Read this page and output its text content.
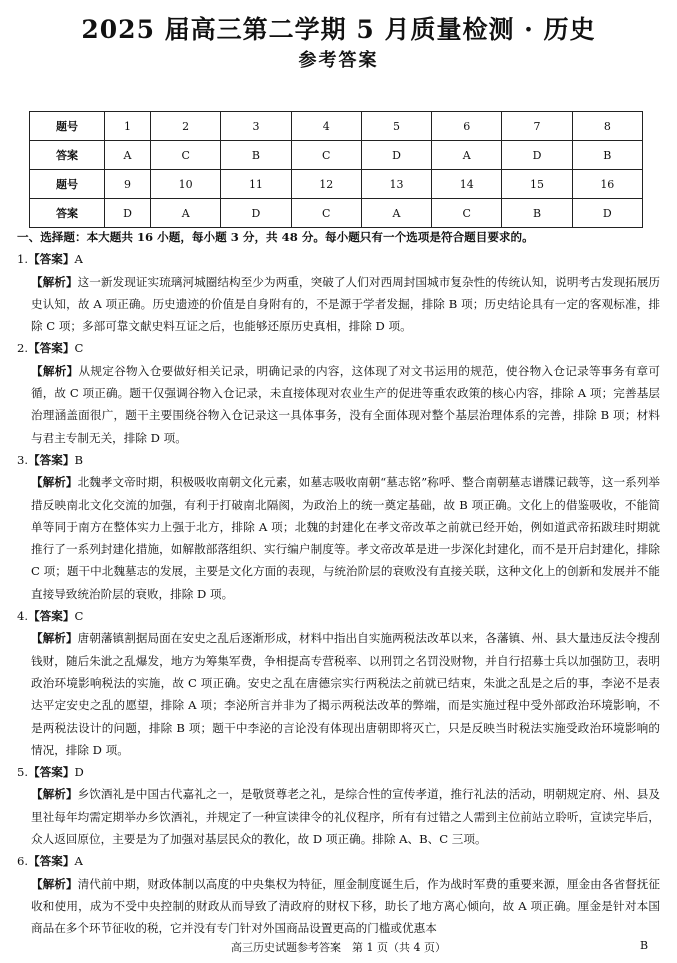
2025 届高三第二学期 5 月质量检测 · 历史
参考答案
题号	1	2	3	4	5	6	7	8
答案	A	C	B	C	D	A	D	B
题号	9	10	11	12	13	14	15	16
答案	D	A	D	C	A	C	B	D

一、选择题：本大题共 16 小题，每小题 3 分，共 48 分。每小题只有一个选项是符合题目要求的。

1.【答案】A

【解析】这一新发现证实琉璃河城圈结构至少为两重，突破了人们对西周封国城市复杂性的传统认知，说明考古发现拓展历史认知，故 A 项正确。历史遗迹的价值是自身附有的，不是源于学者发掘，排除 B 项；历史结论具有一定的客观标准，排除 C 项；多部可靠文献史料互证之后，也能够还原历史真相，排除 D 项。

2.【答案】C

【解析】从规定谷物入仓要做好相关记录，明确记录的内容，这体现了对文书运用的规范，使谷物入仓记录等事务有章可循，故 C 项正确。题干仅强调谷物入仓记录，未直接体现对农业生产的促进等重农政策的核心内容，排除 A 项；完善基层治理涵盖面很广，题干主要围绕谷物入仓记录这一具体事务，没有全面体现对整个基层治理体系的完善，排除 B 项；材料与君主专制无关，排除 D 项。

3.【答案】B

【解析】北魏孝文帝时期，积极吸收南朝文化元素，如墓志吸收南朝“墓志铭”称呼、整合南朝墓志谱牒记载等，这一系列举措反映南北文化交流的加强，有利于打破南北隔阂，为政治上的统一奠定基础，故 B 项正确。文化上的借鉴吸收，不能简单等同于南方在整体实力上强于北方，排除 A 项；北魏的封建化在孝文帝改革之前就已经开始，例如道武帝拓跋珪时期就推行了一系列封建化措施，如解散部落组织、实行编户制度等。孝文帝改革是进一步深化封建化，而不是开启封建化，排除 C 项；题干中北魏墓志的发展，主要是文化方面的表现，与统治阶层的衰败没有直接关联，这种文化上的创新和发展并不能直接导致统治阶层的衰败，排除 D 项。

4.【答案】C

【解析】唐朝藩镇割据局面在安史之乱后逐渐形成，材料中指出自实施两税法改革以来，各藩镇、州、县大量违反法令搜刮钱财，随后朱泚之乱爆发，地方为筹集军费，争相提高专营税率、以刑罚之名罚没财物，并自行招募士兵以加强防卫，表明政治环境影响税法的实施，故 C 项正确。安史之乱在唐德宗实行两税法之前就已结束，朱泚之乱是之后的事，李泌不是表达平定安史之乱的愿望，排除 A 项；李泌所言并非为了揭示两税法改革的弊端，而是实施过程中受外部政治环境影响，不是两税法设计的问题，排除 B 项；题干中李泌的言论没有体现出唐朝即将灭亡，只是反映当时税法实施受政治环境影响的情况，排除 D 项。

5.【答案】D

【解析】乡饮酒礼是中国古代嘉礼之一，是敬贤尊老之礼，是综合性的宣传孝道，推行礼法的活动，明朝规定府、州、县及里社每年均需定期举办乡饮酒礼，并规定了一种宣读律令的礼仪程序，所有有过错之人需到主位前站立聆听，宣读完毕后，众人返回原位，主要是为了加强对基层民众的教化，故 D 项正确。排除 A、B、C 三项。

6.【答案】A

【解析】清代前中期，财政体制以高度的中央集权为特征，厘金制度诞生后，作为战时军费的重要来源，厘金由各省督抚征收和使用，成为不受中央控制的财政从而导致了清政府的财权下移，助长了地方离心倾向，故 A 项正确。厘金是针对本国商品在多个环节征收的税，它并没有专门针对外国商品设置更高的门槛或优惠本

高三历史试题参考答案　第 1 页（共 4 页）	B
